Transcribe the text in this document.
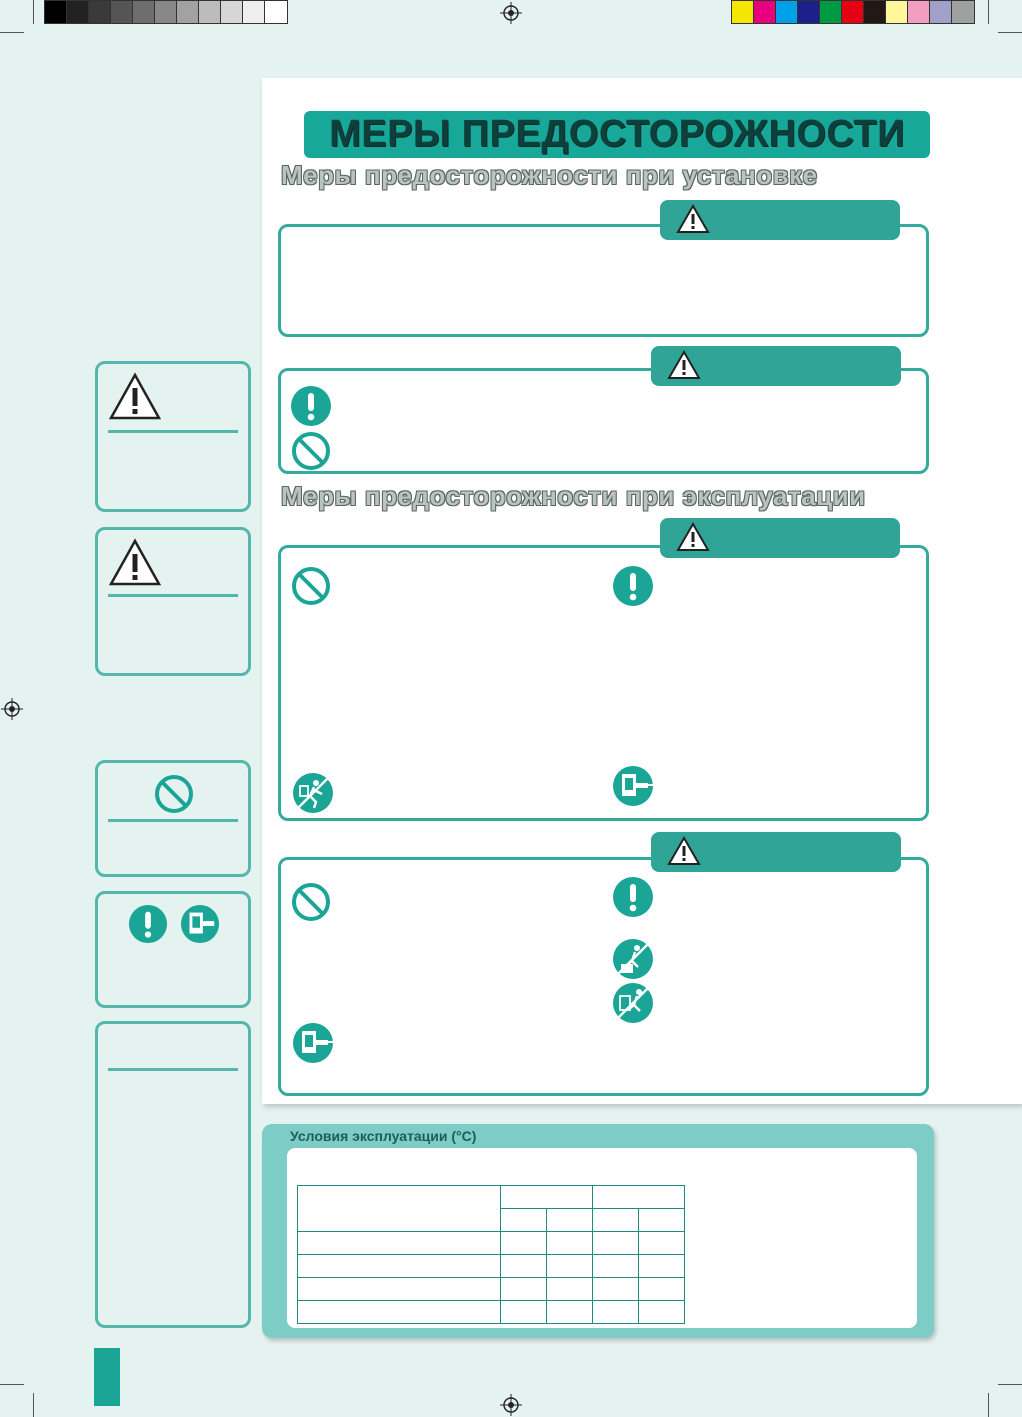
МЕРЫ ПРЕДОСТОРОЖНОСТИ
Меры предосторожности при установке
Меры предосторожности при эксплуатации
Условия эксплуатации (°C)
